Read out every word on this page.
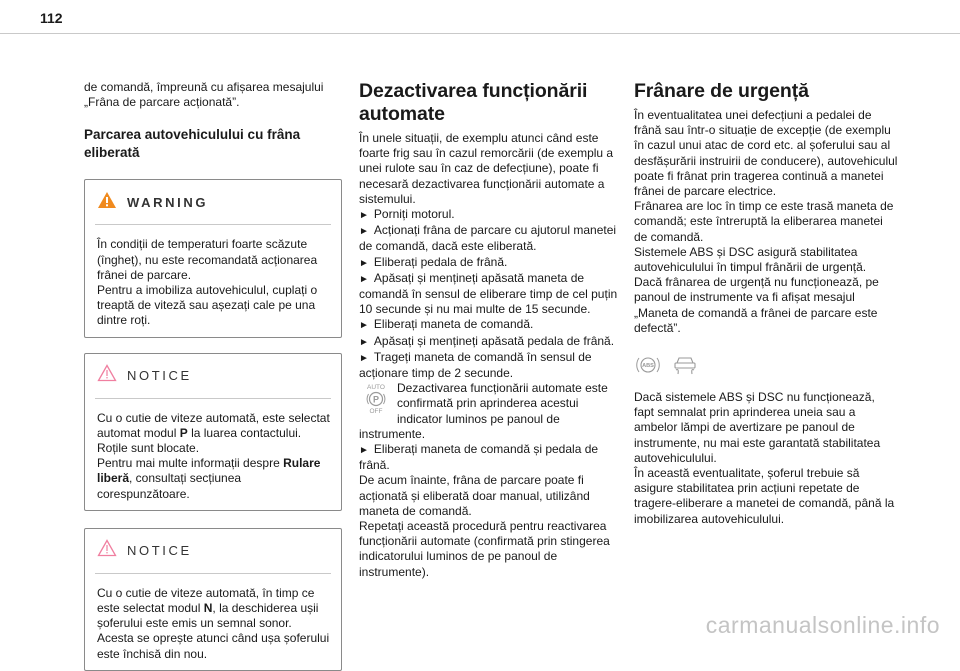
112
de comandă, împreună cu afișarea mesajului „Frâna de parcare acționată”.
Parcarea autovehiculului cu frâna eliberată
WARNING
În condiții de temperaturi foarte scăzute (îngheț), nu este recomandată acționarea frânei de parcare.
Pentru a imobiliza autovehiculul, cuplați o treaptă de viteză sau așezați cale pe una dintre roți.
NOTICE
Cu o cutie de viteze automată, este selectat automat modul P la luarea contactului. Roțile sunt blocate.
Pentru mai multe informații despre Rulare liberă, consultați secțiunea corespunzătoare.
NOTICE
Cu o cutie de viteze automată, în timp ce este selectat modul N, la deschiderea ușii șoferului este emis un semnal sonor. Acesta se oprește atunci când ușa șoferului este închisă din nou.
Dezactivarea funcționării automate
În unele situații, de exemplu atunci când este foarte frig sau în cazul remorcării (de exemplu a unei rulote sau în caz de defecțiune), poate fi necesară dezactivarea funcționării automate a sistemului.
► Porniți motorul.
► Acționați frâna de parcare cu ajutorul manetei de comandă, dacă este eliberată.
► Eliberați pedala de frână.
► Apăsați și mențineți apăsată maneta de comandă în sensul de eliberare timp de cel puțin 10 secunde și nu mai multe de 15 secunde.
► Eliberați maneta de comandă.
► Apăsați și mențineți apăsată pedala de frână.
► Trageți maneta de comandă în sensul de acționare timp de 2 secunde.
AUTO
P
OFF
Dezactivarea funcționării automate este confirmată prin aprinderea acestui indicator luminos pe panoul de instrumente.
► Eliberați maneta de comandă și pedala de frână.
De acum înainte, frâna de parcare poate fi acționată și eliberată doar manual, utilizând maneta de comandă.
Repetați această procedură pentru reactivarea funcționării automate (confirmată prin stingerea indicatorului luminos de pe panoul de instrumente).
Frânare de urgență
În eventualitatea unei defecțiuni a pedalei de frână sau într-o situație de excepție (de exemplu în cazul unui atac de cord etc. al șoferului sau al desfășurării instruirii de conducere), autovehiculul poate fi frânat prin tragerea continuă a manetei frânei de parcare electrice.
Frânarea are loc în timp ce este trasă maneta de comandă; este întreruptă la eliberarea manetei de comandă.
Sistemele ABS și DSC asigură stabilitatea autovehiculului în timpul frânării de urgență.
Dacă frânarea de urgență nu funcționează, pe panoul de instrumente va fi afișat mesajul „Maneta de comandă a frânei de parcare este defectă”.
ABS
Dacă sistemele ABS și DSC nu funcționează, fapt semnalat prin aprinderea uneia sau a ambelor lămpi de avertizare pe panoul de instrumente, nu mai este garantată stabilitatea autovehiculului.
În această eventualitate, șoferul trebuie să asigure stabilitatea prin acțiuni repetate de tragere-eliberare a manetei de comandă, până la imobilizarea autovehiculului.
carmanualsonline.info
